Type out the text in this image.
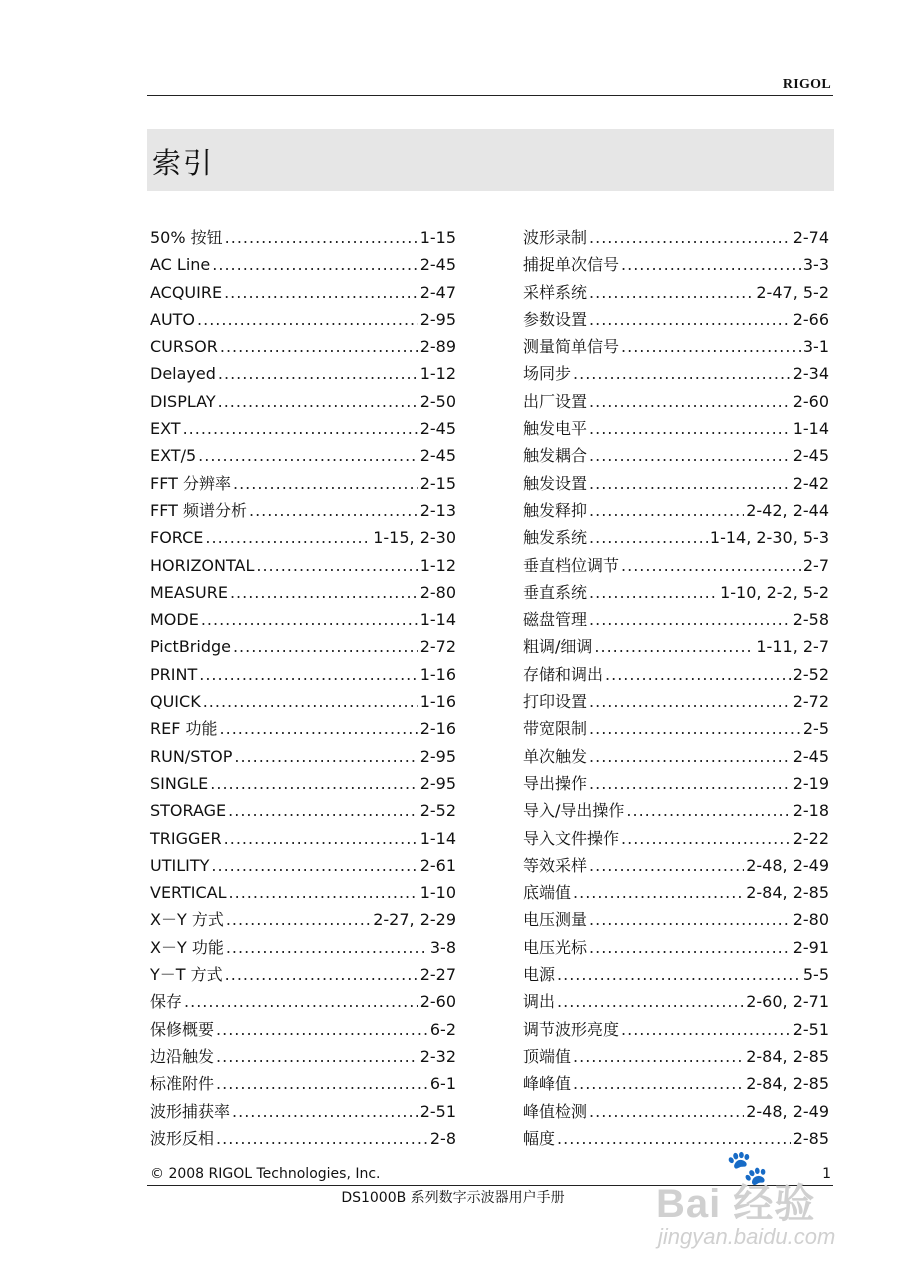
RIGOL
索引
50% 按钮 .....	1-15
AC Line .....	2-45
ACQUIRE .....	2-47
AUTO .....	2-95
CURSOR .....	2-89
Delayed .....	1-12
DISPLAY .....	2-50
EXT .....	2-45
EXT/5 .....	2-45
FFT 分辨率 .....	2-15
FFT 频谱分析 .....	2-13
FORCE .....	1-15, 2-30
HORIZONTAL .....	1-12
MEASURE .....	2-80
MODE .....	1-14
PictBridge .....	2-72
PRINT .....	1-16
QUICK .....	1-16
REF 功能 .....	2-16
RUN/STOP .....	2-95
SINGLE .....	2-95
STORAGE .....	2-52
TRIGGER .....	1-14
UTILITY .....	2-61
VERTICAL .....	1-10
X－Y 方式 .....	2-27, 2-29
X－Y 功能 .....	3-8
Y－T 方式 .....	2-27
保存 .....	2-60
保修概要 .....	6-2
边沿触发 .....	2-32
标准附件 .....	6-1
波形捕获率 .....	2-51
波形反相 .....	2-8
波形录制 .....	2-74
捕捉单次信号 .....	3-3
采样系统 .....	2-47, 5-2
参数设置 .....	2-66
测量简单信号 .....	3-1
场同步 .....	2-34
出厂设置 .....	2-60
触发电平 .....	1-14
触发耦合 .....	2-45
触发设置 .....	2-42
触发释抑 .....	2-42, 2-44
触发系统 .....	1-14, 2-30, 5-3
垂直档位调节 .....	2-7
垂直系统 .....	1-10, 2-2, 5-2
磁盘管理 .....	2-58
粗调/细调 .....	1-11, 2-7
存储和调出 .....	2-52
打印设置 .....	2-72
带宽限制 .....	2-5
单次触发 .....	2-45
导出操作 .....	2-19
导入/导出操作 .....	2-18
导入文件操作 .....	2-22
等效采样 .....	2-48, 2-49
底端值 .....	2-84, 2-85
电压测量 .....	2-80
电压光标 .....	2-91
电源 .....	5-5
调出 .....	2-60, 2-71
调节波形亮度 .....	2-51
顶端值 .....	2-84, 2-85
峰峰值 .....	2-84, 2-85
峰值检测 .....	2-48, 2-49
幅度 .....	2-85
© 2008 RIGOL Technologies, Inc.	1
DS1000B 系列数字示波器用户手册
🐾
Bai 经验
jingyan.baidu.com
